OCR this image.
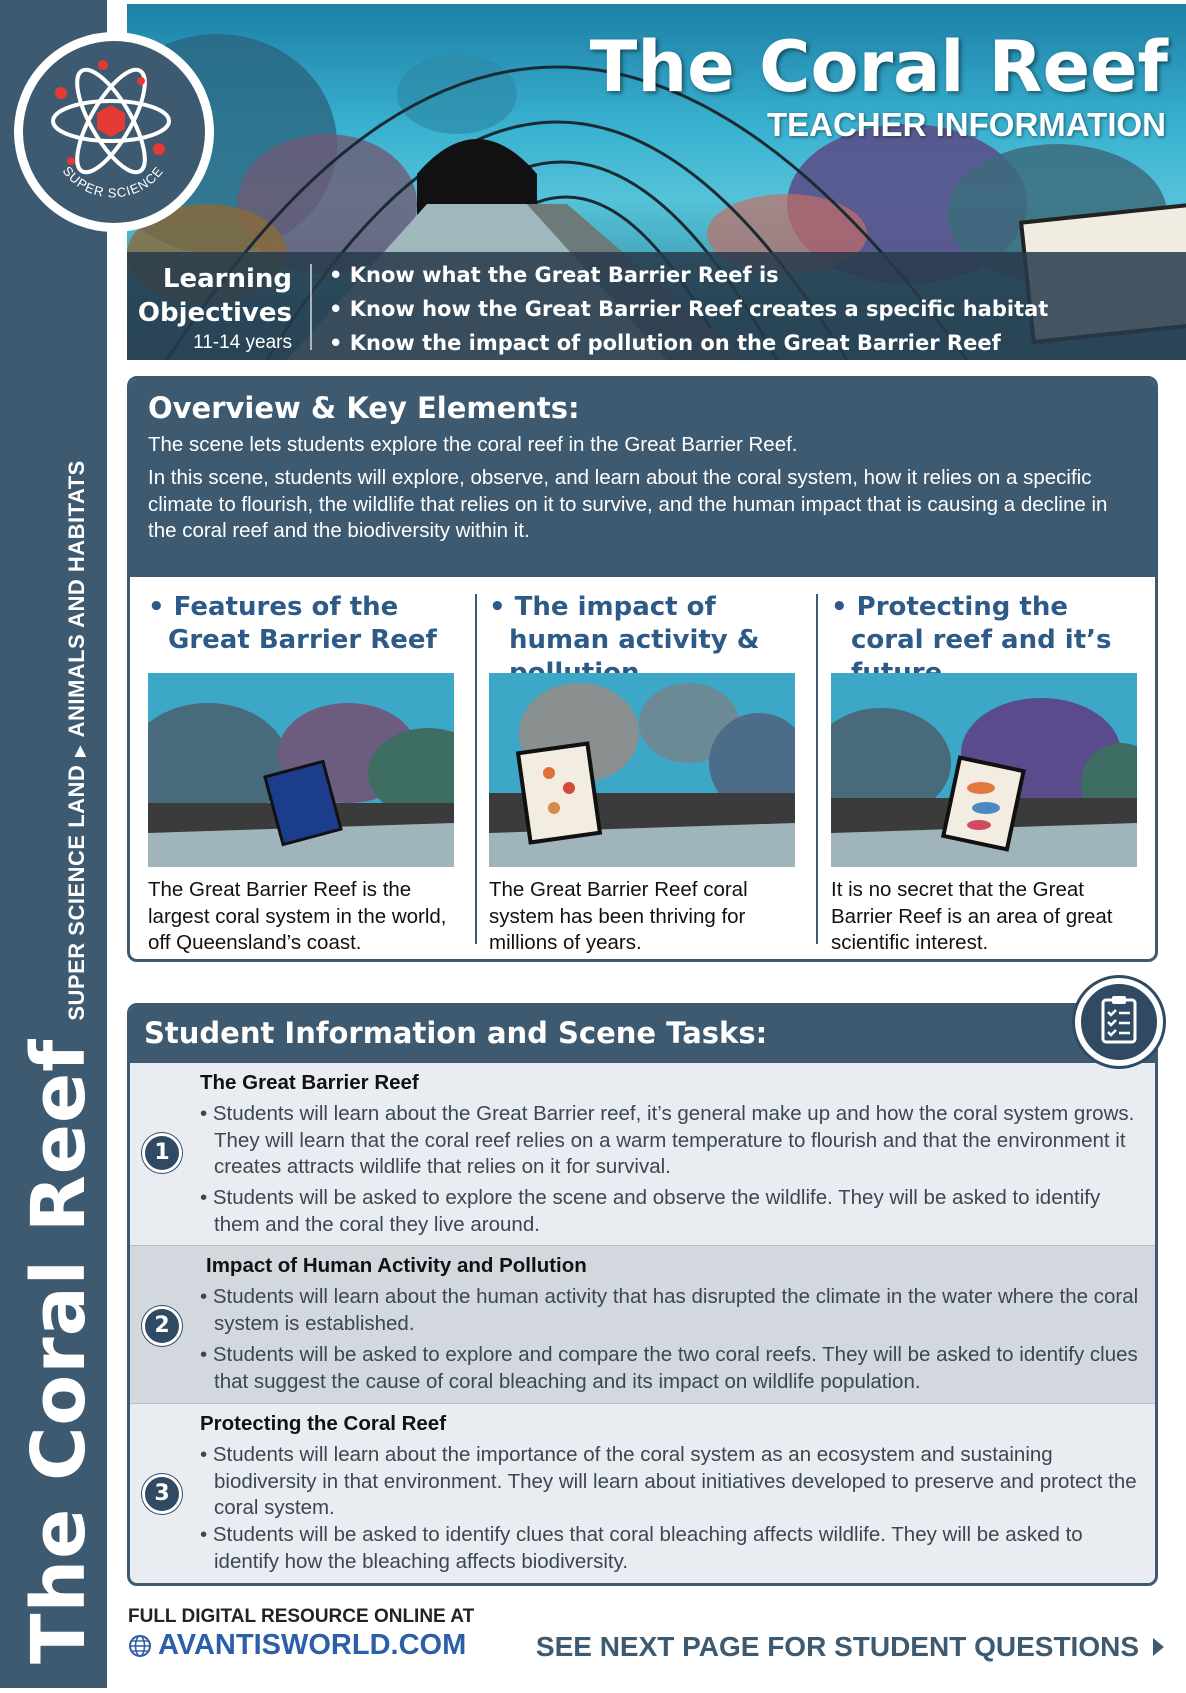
The Coral Reef
SUPER SCIENCE LAND▶ANIMALS AND HABITATS
SUPER SCIENCE
The Coral Reef
TEACHER INFORMATION
Learning
Objectives
11-14 years
• Know what the Great Barrier Reef is
• Know how the Great Barrier Reef creates a specific habitat
• Know the impact of pollution on the Great Barrier Reef
Overview & Key Elements:
The scene lets students explore the coral reef in the Great Barrier Reef.
In this scene, students will explore, observe, and learn about the coral system, how it relies on a specific climate to flourish, the wildlife that relies on it to survive, and the human impact that is causing a decline in the coral reef and the biodiversity within it.
• Features of the Great Barrier Reef
The Great Barrier Reef is the largest coral system in the world, off Queensland’s coast.
• The impact of human activity &
The Great Barrier Reef coral system has been thriving for millions of years.
• Protecting the coral reef and it’s
It is no secret that the Great Barrier Reef is an area of great scientific interest.
Student Information and Scene Tasks:
1
The Great Barrier Reef
• Students will learn about the Great Barrier reef, it’s general make up and how the coral system grows. They will learn that the coral reef relies on a warm temperature to flourish and that the environment it creates attracts wildlife that relies on it for survival.
• Students will be asked to explore the scene and observe the wildlife. They will be asked to identify them and the coral they live around.
2
Impact of Human Activity and Pollution
• Students will learn about the human activity that has disrupted the climate in the water where the coral system is established.
• Students will be asked to explore and compare the two coral reefs. They will be asked to identify clues that suggest the cause of coral bleaching and its impact on wildlife population.
3
Protecting the Coral Reef
• Students will learn about the importance of the coral system as an ecosystem and sustaining biodiversity in that environment. They will learn about initiatives developed to preserve and protect the coral system.
• Students will be asked to identify clues that coral bleaching affects wildlife. They will be asked to identify how the bleaching affects biodiversity.
FULL DIGITAL RESOURCE ONLINE AT
AVANTISWORLD.COM SEE NEXT PAGE FOR STUDENT QUESTIONS
